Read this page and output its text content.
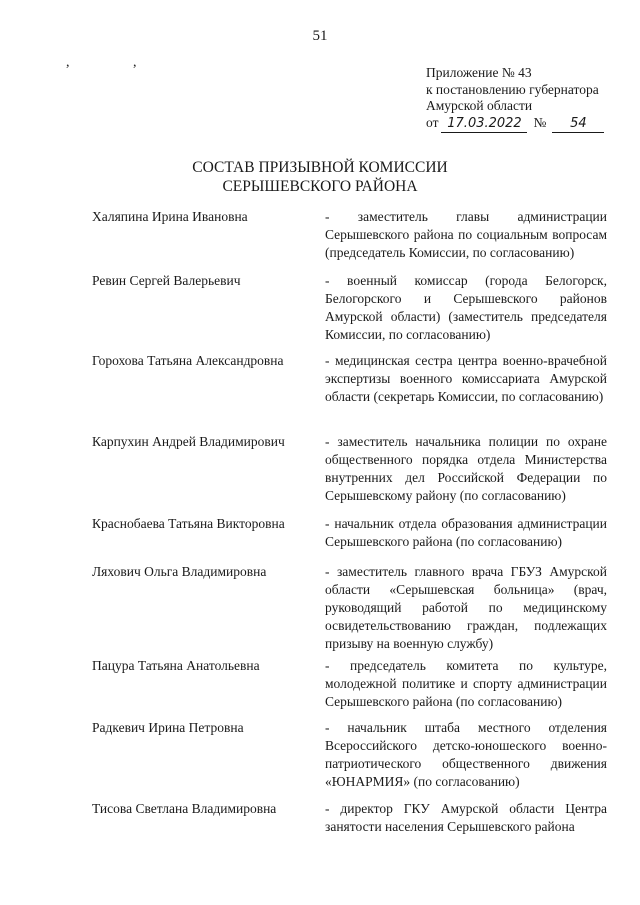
51
, ,
Приложение № 43
к постановлению губернатора
Амурской области
от 17.03.2022 № 54
СОСТАВ ПРИЗЫВНОЙ КОМИССИИ
СЕРЫШЕВСКОГО РАЙОНА
Халяпина Ирина Ивановна	- заместитель главы администрации Серышевского района по социальным вопросам (председатель Комиссии, по согласованию)
Ревин Сергей Валерьевич	- военный комиссар (города Белогорск, Белогорского и Серышевского районов Амурской области) (заместитель председателя Комиссии, по согласованию)
Горохова Татьяна Александровна	- медицинская сестра центра военно-врачебной экспертизы военного комиссариата Амурской области (секретарь Комиссии, по согласованию)
Карпухин Андрей Владимирович	- заместитель начальника полиции по охране общественного порядка отдела Министерства внутренних дел Российской Федерации по Серышевскому району (по согласованию)
Краснобаева Татьяна Викторовна	- начальник отдела образования администрации Серышевского района (по согласованию)
Ляхович Ольга Владимировна	- заместитель главного врача ГБУЗ Амурской области «Серышевская больница» (врач, руководящий работой по медицинскому освидетельствованию граждан, подлежащих призыву на военную службу)
Пацура Татьяна Анатольевна	- председатель комитета по культуре, молодежной политике и спорту администрации Серышевского района (по согласованию)
Радкевич Ирина Петровна	- начальник штаба местного отделения Всероссийского детско-юношеского военно-патриотического общественного движения «ЮНАРМИЯ» (по согласованию)
Тисова Светлана Владимировна	- директор ГКУ Амурской области Центра занятости населения Серышевского района
